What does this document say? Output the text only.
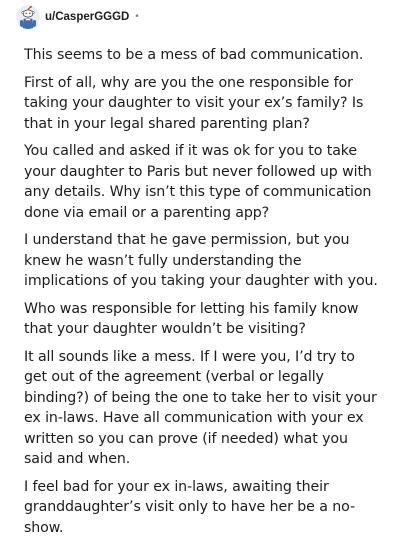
u/CasperGGGD •

This seems to be a mess of bad communication.

First of all, why are you the one responsible for taking your daughter to visit your ex’s family? Is that in your legal shared parenting plan?

You called and asked if it was ok for you to take your daughter to Paris but never followed up with any details. Why isn’t this type of communication done via email or a parenting app?

I understand that he gave permission, but you knew he wasn’t fully understanding the implications of you taking your daughter with you.

Who was responsible for letting his family know that your daughter wouldn’t be visiting?

It all sounds like a mess. If I were you, I’d try to get out of the agreement (verbal or legally binding?) of being the one to take her to visit your ex in-laws. Have all communication with your ex written so you can prove (if needed) what you said and when.

I feel bad for your ex in-laws, awaiting their granddaughter’s visit only to have her be a no-show.
